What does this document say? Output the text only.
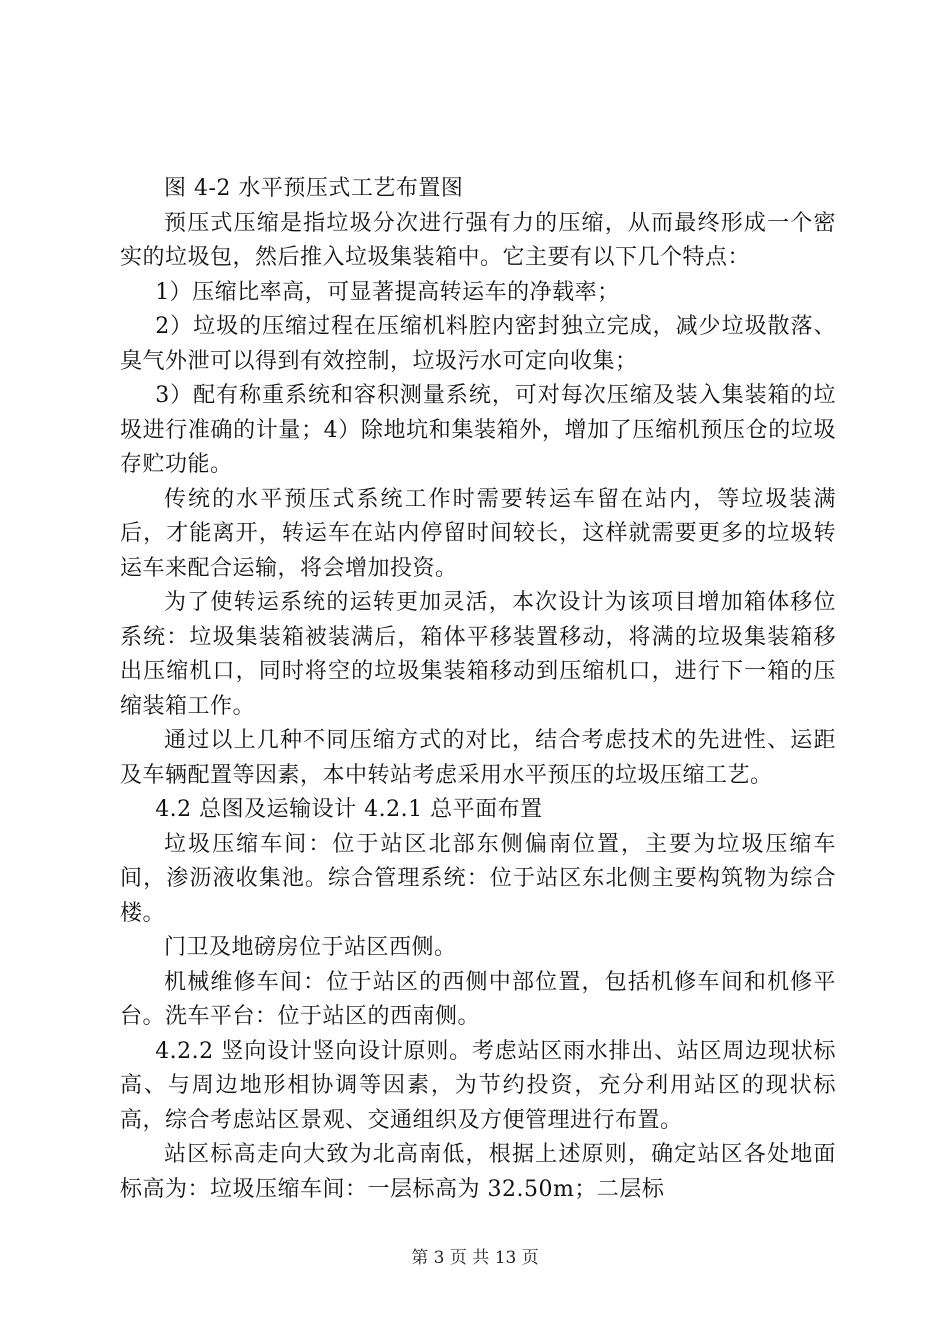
图 4-2 水平预压式工艺布置图

预压式压缩是指垃圾分次进行强有力的压缩，从而最终形成一个密实的垃圾包，然后推入垃圾集装箱中。它主要有以下几个特点：

1）压缩比率高，可显著提高转运车的净载率；

2）垃圾的压缩过程在压缩机料腔内密封独立完成，减少垃圾散落、臭气外泄可以得到有效控制，垃圾污水可定向收集；

3）配有称重系统和容积测量系统，可对每次压缩及装入集装箱的垃圾进行准确的计量；4）除地坑和集装箱外，增加了压缩机预压仓的垃圾存贮功能。

传统的水平预压式系统工作时需要转运车留在站内，等垃圾装满后，才能离开，转运车在站内停留时间较长，这样就需要更多的垃圾转运车来配合运输，将会增加投资。

为了使转运系统的运转更加灵活，本次设计为该项目增加箱体移位系统：垃圾集装箱被装满后，箱体平移装置移动，将满的垃圾集装箱移出压缩机口，同时将空的垃圾集装箱移动到压缩机口，进行下一箱的压缩装箱工作。

通过以上几种不同压缩方式的对比，结合考虑技术的先进性、运距及车辆配置等因素，本中转站考虑采用水平预压的垃圾压缩工艺。

4.2 总图及运输设计 4.2.1 总平面布置

垃圾压缩车间：位于站区北部东侧偏南位置，主要为垃圾压缩车间，渗沥液收集池。综合管理系统：位于站区东北侧主要构筑物为综合楼。

门卫及地磅房位于站区西侧。

机械维修车间：位于站区的西侧中部位置，包括机修车间和机修平台。洗车平台：位于站区的西南侧。

4.2.2 竖向设计竖向设计原则。考虑站区雨水排出、站区周边现状标高、与周边地形相协调等因素，为节约投资，充分利用站区的现状标高，综合考虑站区景观、交通组织及方便管理进行布置。

站区标高走向大致为北高南低，根据上述原则，确定站区各处地面标高为：垃圾压缩车间：一层标高为 32.50m；二层标

第 3 页 共 13 页
